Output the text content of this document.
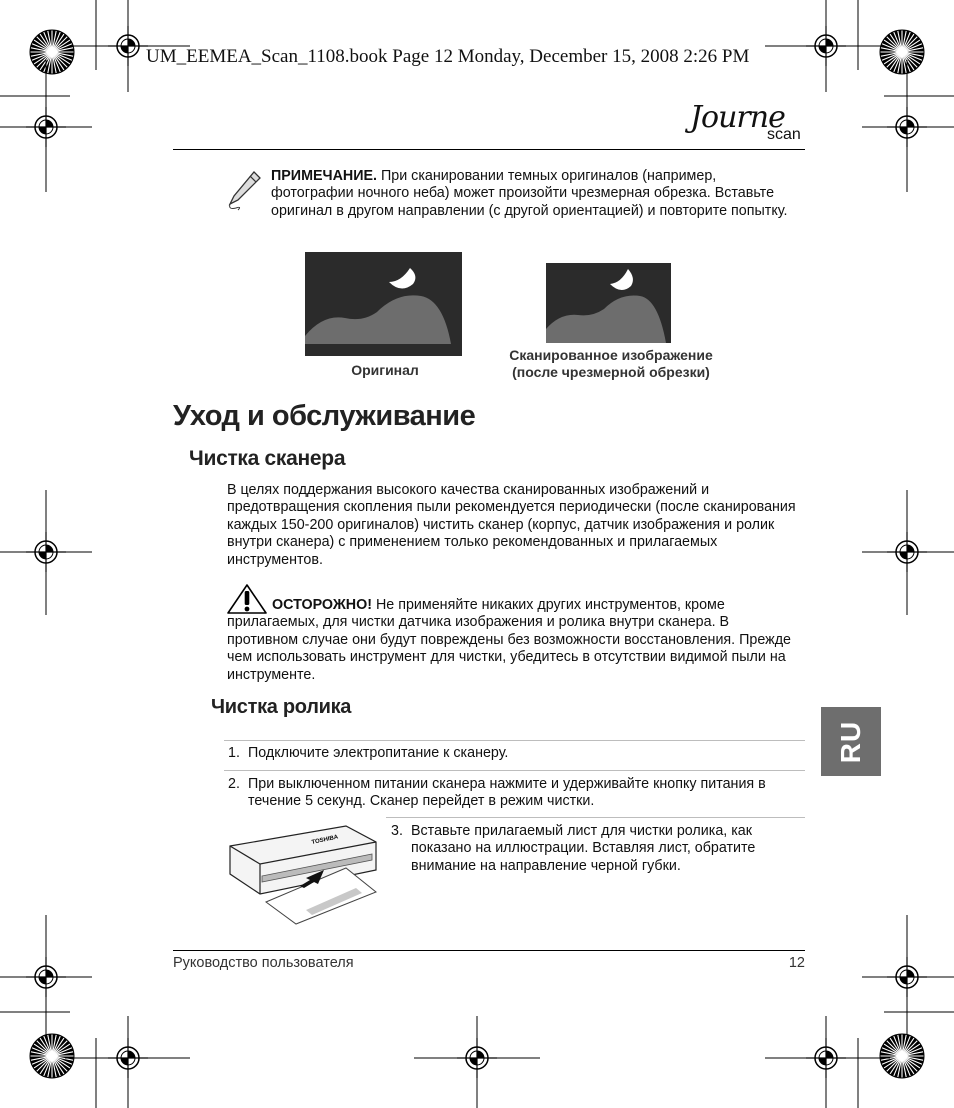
UM_EEMEA_Scan_1108.book Page 12 Monday, December 15, 2008 2:26 PM
Journe
scan
ПРИМЕЧАНИЕ. При сканировании темных оригиналов (например, фотографии ночного неба) может произойти чрезмерная обрезка. Вставьте оригинал в другом направлении (с другой ориентацией) и повторите попытку.
Оригинал
Сканированное изображение
(после чрезмерной обрезки)
Уход и обслуживание
Чистка сканера
В целях поддержания высокого качества сканированных изображений и предотвращения скопления пыли рекомендуется периодически (после сканирования каждых 150-200 оригиналов) чистить сканер (корпус, датчик изображения и ролик внутри сканера) с применением только рекомендованных и прилагаемых инструментов.
ОСТОРОЖНО! Не применяйте никаких других инструментов, кроме прилагаемых, для чистки датчика изображения и ролика внутри сканера. В противном случае они будут повреждены без возможности восстановления. Прежде чем использовать инструмент для чистки, убедитесь в отсутствии видимой пыли на инструменте.
Чистка ролика
1. Подключите электропитание к сканеру.
2. При выключенном питании сканера нажмите и удерживайте кнопку питания в течение 5 секунд. Сканер перейдет в режим чистки.
3. Вставьте прилагаемый лист для чистки ролика, как показано на иллюстрации. Вставляя лист, обратите внимание на направление черной губки.
TOSHIBA
RU
Руководство пользователя	12
